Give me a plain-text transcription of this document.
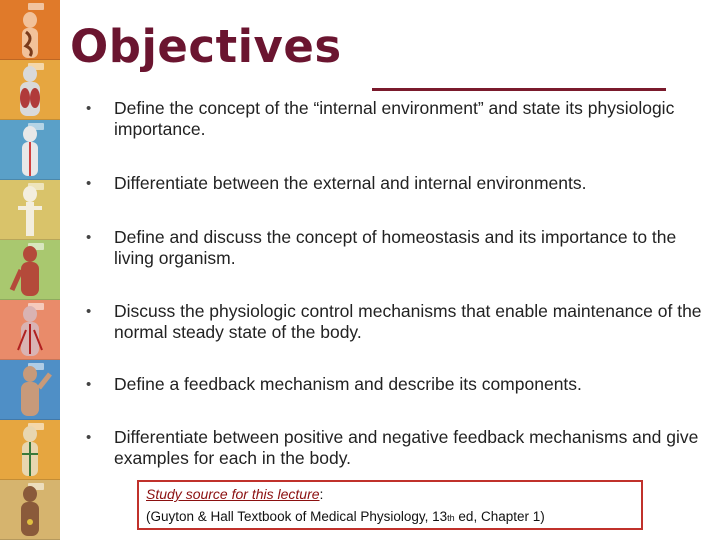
Objectives
• Define the concept of the “internal environment” and state its physiologic importance.
• Differentiate between the external and internal environments.
• Define and discuss the concept of homeostasis and its importance to the living organism.
• Discuss the physiologic control mechanisms that enable maintenance of the normal steady state of the body.
• Define a feedback mechanism and describe its components.
• Differentiate between positive and negative feedback mechanisms and give examples for each in the body.
Study source for this lecture:
(Guyton & Hall Textbook of Medical Physiology, 13th ed, Chapter 1)
